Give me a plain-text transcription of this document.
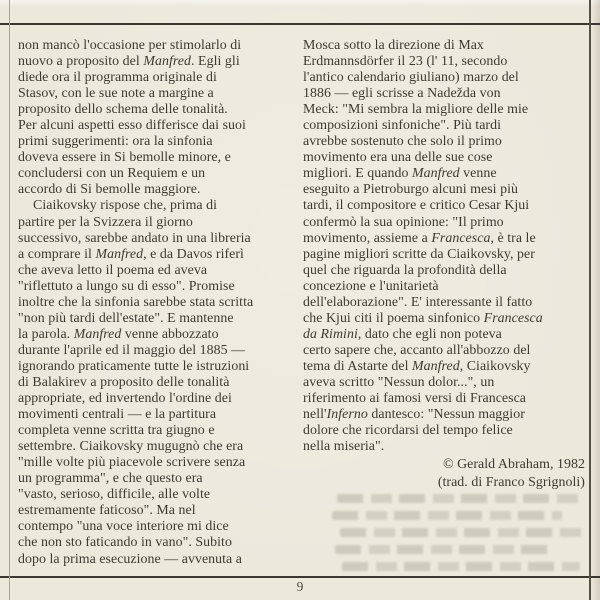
non mancò l'occasione per stimolarlo di
nuovo a proposito del Manfred. Egli gli
diede ora il programma originale di
Stasov, con le sue note a margine a
proposito dello schema delle tonalità.
Per alcuni aspetti esso differisce dai suoi
primi suggerimenti: ora la sinfonia
doveva essere in Si bemolle minore, e
concludersi con un Requiem e un
accordo di Si bemolle maggiore.
Ciaikovsky rispose che, prima di
partire per la Svizzera il giorno
successivo, sarebbe andato in una libreria
a comprare il Manfred, e da Davos riferì
che aveva letto il poema ed aveva
"riflettuto a lungo su di esso". Promise
inoltre che la sinfonia sarebbe stata scritta
"non più tardi dell'estate". E mantenne
la parola. Manfred venne abbozzato
durante l'aprile ed il maggio del 1885 —
ignorando praticamente tutte le istruzioni
di Balakirev a proposito delle tonalità
appropriate, ed invertendo l'ordine dei
movimenti centrali — e la partitura
completa venne scritta tra giugno e
settembre. Ciaikovsky mugugnò che era
"mille volte più piacevole scrivere senza
un programma", e che questo era
"vasto, serioso, difficile, alle volte
estremamente faticoso". Ma nel
contempo "una voce interiore mi dice
che non sto faticando in vano". Subito
dopo la prima esecuzione — avvenuta a
Mosca sotto la direzione di Max
Erdmannsdörfer il 23 (l' 11, secondo
l'antico calendario giuliano) marzo del
1886 — egli scrisse a Nadežda von
Meck: "Mi sembra la migliore delle mie
composizioni sinfoniche". Più tardi
avrebbe sostenuto che solo il primo
movimento era una delle sue cose
migliori. E quando Manfred venne
eseguito a Pietroburgo alcuni mesi più
tardi, il compositore e critico Cesar Kjui
confermò la sua opinione: "Il primo
movimento, assieme a Francesca, è tra le
pagine migliori scritte da Ciaikovsky, per
quel che riguarda la profondità della
concezione e l'unitarietà
dell'elaborazione". E' interessante il fatto
che Kjui citi il poema sinfonico Francesca
da Rimini, dato che egli non poteva
certo sapere che, accanto all'abbozzo del
tema di Astarte del Manfred, Ciaikovsky
aveva scritto "Nessun dolor...", un
riferimento ai famosi versi di Francesca
nell'Inferno dantesco: "Nessun maggior
dolore che ricordarsi del tempo felice
nella miseria".
© Gerald Abraham, 1982
(trad. di Franco Sgrignoli)
9
